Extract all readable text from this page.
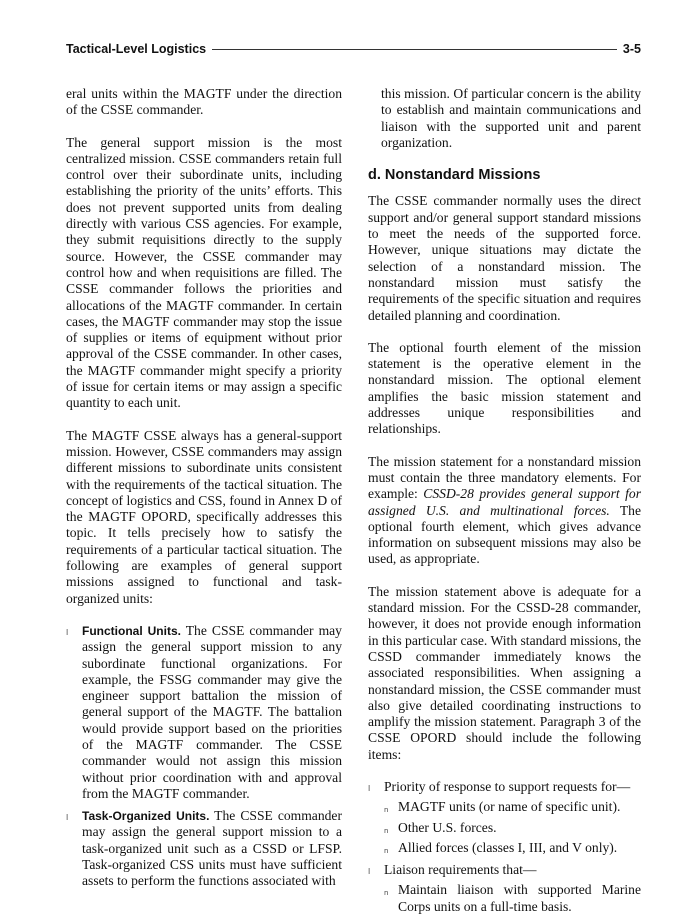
Tactical-Level Logistics	3-5

eral units within the MAGTF under the direction of the CSSE commander.

The general support mission is the most centralized mission. CSSE commanders retain full control over their subordinate units, including establishing the priority of the units’ efforts. This does not prevent supported units from dealing directly with various CSS agencies. For example, they submit requisitions directly to the supply source. However, the CSSE commander may control how and when requisitions are filled. The CSSE commander follows the priorities and allocations of the MAGTF commander. In certain cases, the MAGTF commander may stop the issue of supplies or items of equipment without prior approval of the CSSE commander. In other cases, the MAGTF commander might specify a priority of issue for certain items or may assign a specific quantity to each unit.

The MAGTF CSSE always has a general-support mission. However, CSSE commanders may assign different missions to subordinate units consistent with the requirements of the tactical situation. The concept of logistics and CSS, found in Annex D of the MAGTF OPORD, specifically addresses this topic. It tells precisely how to satisfy the requirements of a particular tactical situation. The following are examples of general support missions assigned to functional and task-organized units:

l Functional Units. The CSSE commander may assign the general support mission to any subordinate functional organizations. For example, the FSSG commander may give the engineer support battalion the mission of general support of the MAGTF. The battalion would provide support based on the priorities of the MAGTF commander. The CSSE commander would not assign this mission without prior coordination with and approval from the MAGTF commander.
l Task-Organized Units. The CSSE commander may assign the general support mission to a task-organized unit such as a CSSD or LFSP. Task-organized CSS units must have sufficient assets to perform the functions associated with

this mission. Of particular concern is the ability to establish and maintain communications and liaison with the supported unit and parent organization.

d. Nonstandard Missions

The CSSE commander normally uses the direct support and/or general support standard missions to meet the needs of the supported force. However, unique situations may dictate the selection of a nonstandard mission. The nonstandard mission must satisfy the requirements of the specific situation and requires detailed planning and coordination.

The optional fourth element of the mission statement is the operative element in the nonstandard mission. The optional element amplifies the basic mission statement and addresses unique responsibilities and relationships.

The mission statement for a nonstandard mission must contain the three mandatory elements. For example: CSSD-28 provides general support for assigned U.S. and multinational forces. The optional fourth element, which gives advance information on subsequent missions may also be used, as appropriate.

The mission statement above is adequate for a standard mission. For the CSSD-28 commander, however, it does not provide enough information in this particular case. With standard missions, the CSSD commander immediately knows the associated responsibilities. When assigning a nonstandard mission, the CSSE commander must also give detailed coordinating instructions to amplify the mission statement. Paragraph 3 of the CSSE OPORD should include the following items:

l Priority of response to support requests for—
n MAGTF units (or name of specific unit).
n Other U.S. forces.
n Allied forces (classes I, III, and V only).
l Liaison requirements that—
n Maintain liaison with supported Marine Corps units on a full-time basis.
